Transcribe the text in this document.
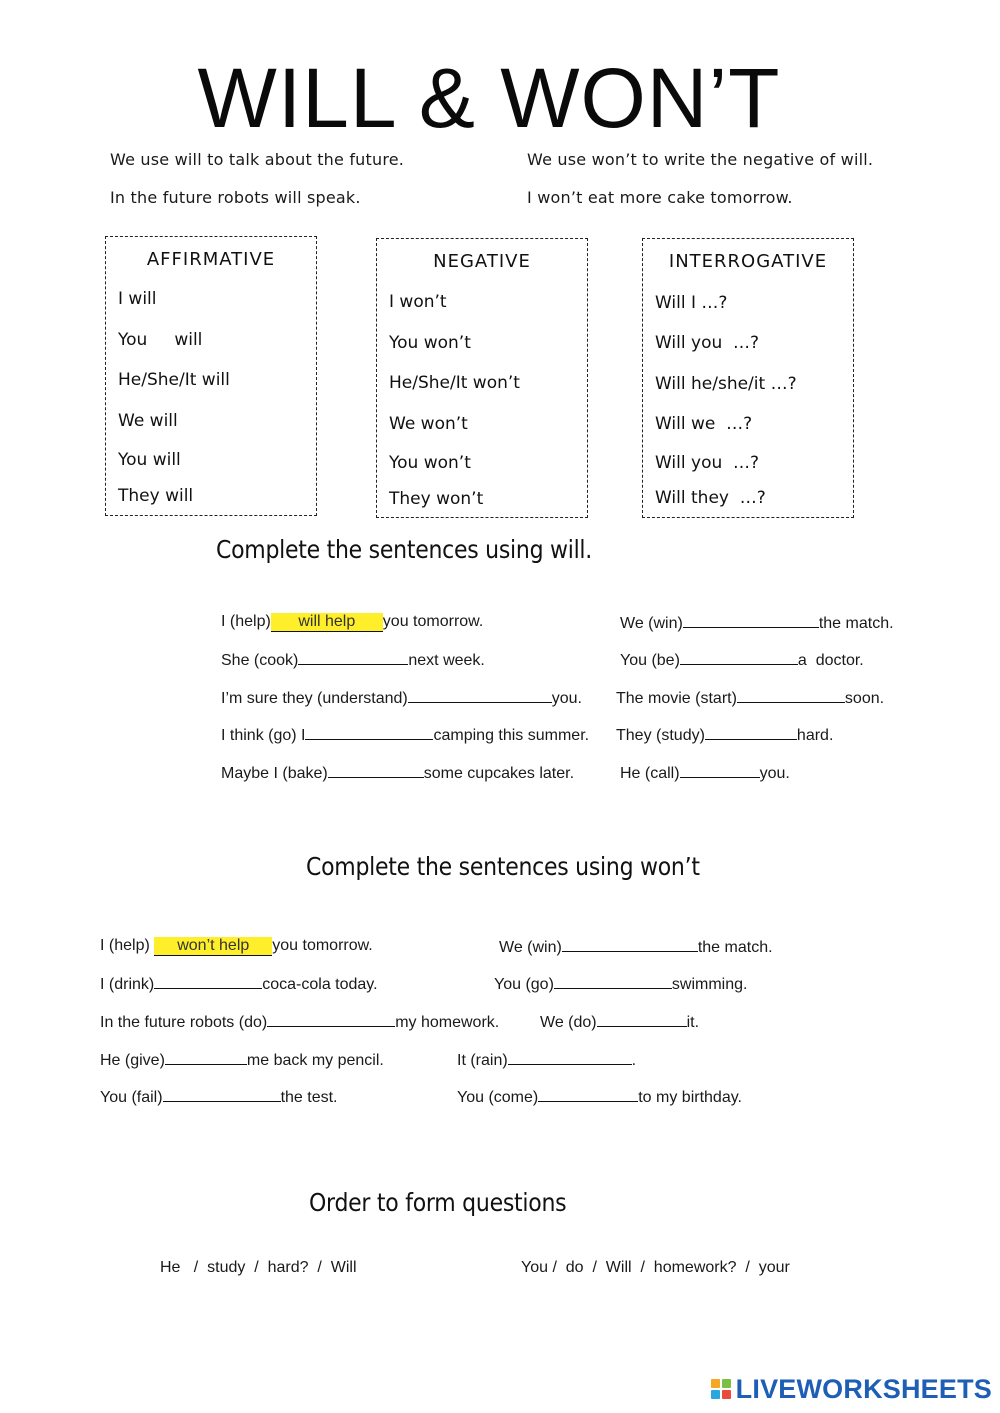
WILL & WON’T
We use will to talk about the future.
In the future robots will speak.
We use won’t to write the negative of will.
I won’t eat more cake tomorrow.
AFFIRMATIVE
I will
You     will
He/She/It will
We will
You will
They will
NEGATIVE
I won’t
You won’t
He/She/It won’t
We won’t
You won’t
They won’t
INTERROGATIVE
Will I …?
Will you  …?
Will he/she/it …?
Will we  …?
Will you  …?
Will they  …?
Complete the sentences using will.
I (help) will help you tomorrow.	We (win)	the match.
She (cook)	next week.	You (be)	a  doctor.
I’m sure they (understand)	you. The movie (start)	soon.
I think (go) I	camping this summer. They (study)	hard.
Maybe I (bake)	some cupcakes later.	He (call)	you.
Complete the sentences using won’t
I (help) won’t help you tomorrow.	We (win)	the match.
I (drink)	coca-cola today.	You (go)	swimming.
In the future robots (do)	my homework.	We (do)	it.
He (give)	me back my pencil.	It (rain)	.
You (fail)	the test.	You (come)	to my birthday.
Order to form questions
He   /  study  /  hard?  /  Will	You /  do  /  Will  /  homework?  /  your
LIVEWORKSHEETS
